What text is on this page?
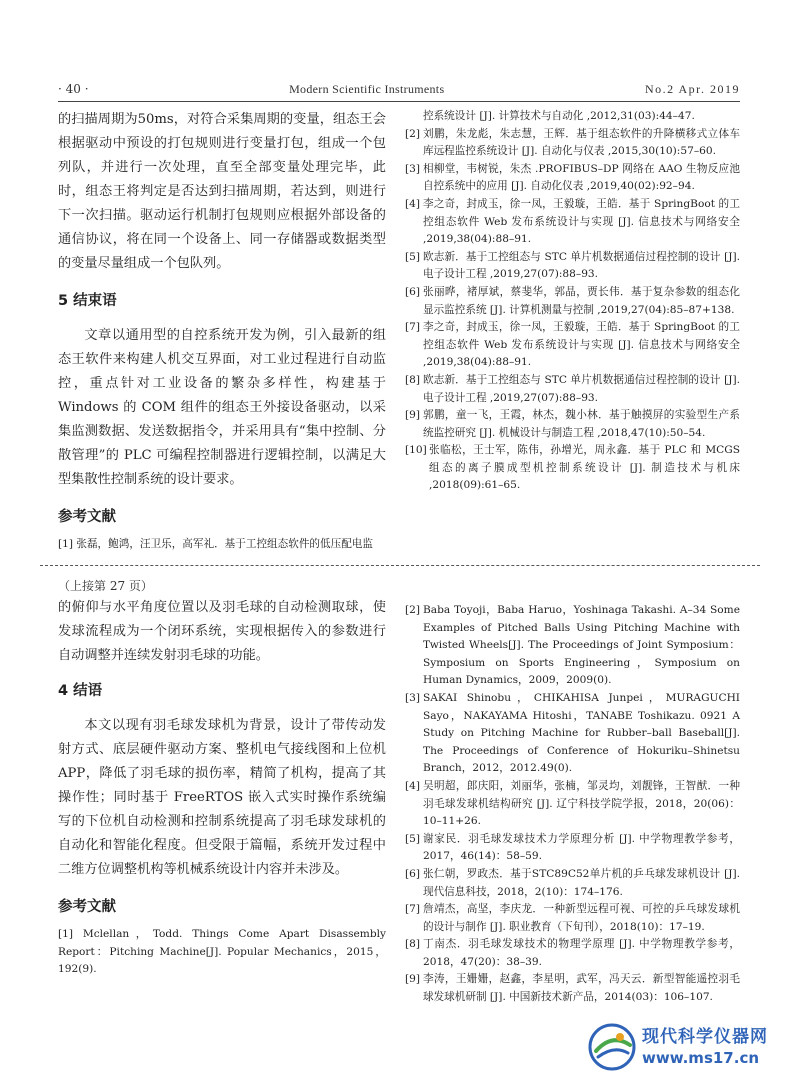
· 40 ·	Modern Scientific Instruments	No.2 Apr. 2019

的扫描周期为50ms，对符合采集周期的变量，组态王会根据驱动中预设的打包规则进行变量打包，组成一个包列队，并进行一次处理，直至全部变量处理完毕，此时，组态王将判定是否达到扫描周期，若达到，则进行下一次扫描。驱动运行机制打包规则应根据外部设备的通信协议，将在同一个设备上、同一存储器或数据类型的变量尽量组成一个包队列。

5 结束语

文章以通用型的自控系统开发为例，引入最新的组态王软件来构建人机交互界面，对工业过程进行自动监控，重点针对工业设备的繁杂多样性，构建基于 Windows 的 COM 组件的组态王外接设备驱动，以采集监测数据、发送数据指令，并采用具有“集中控制、分散管理”的 PLC 可编程控制器进行逻辑控制，以满足大型集散性控制系统的设计要求。

参考文献

[1] 张磊，鲍鸿，汪卫乐，高军礼．基于工控组态软件的低压配电监
控系统设计 [J]. 计算技术与自动化 ,2012,31(03):44–47.
[2] 刘鹏，朱龙彪，朱志慧，王辉．基于组态软件的升降横移式立体车库远程监控系统设计 [J]. 自动化与仪表 ,2015,30(10):57–60.
[3] 相柳堂，韦树锐，朱杰 .PROFIBUS–DP 网络在 AAO 生物反应池自控系统中的应用 [J]. 自动化仪表 ,2019,40(02):92–94.
[4] 李之奇，封成玉，徐一凤，王毅璇，王皓．基于 SpringBoot 的工控组态软件 Web 发布系统设计与实现 [J]. 信息技术与网络安全 ,2019,38(04):88–91.
[5] 欧志新．基于工控组态与 STC 单片机数据通信过程控制的设计 [J]. 电子设计工程 ,2019,27(07):88–93.
[6] 张丽晔，褚厚斌，蔡斐华，郭晶，贾长伟．基于复杂参数的组态化显示监控系统 [J]. 计算机测量与控制 ,2019,27(04):85–87+138.
[7] 李之奇，封成玉，徐一凤，王毅璇，王皓．基于 SpringBoot 的工控组态软件 Web 发布系统设计与实现 [J]. 信息技术与网络安全 ,2019,38(04):88–91.
[8] 欧志新．基于工控组态与 STC 单片机数据通信过程控制的设计 [J]. 电子设计工程 ,2019,27(07):88–93.
[9] 郭鹏，童一飞，王霞，林杰，魏小林．基于触摸屏的实验型生产系统监控研究 [J]. 机械设计与制造工程 ,2018,47(10):50–54.
[10] 张临松，王士军，陈伟，孙增光，周永鑫．基于 PLC 和 MCGS 组态的离子膜成型机控制系统设计 [J]. 制造技术与机床 ,2018(09):61–65.

（上接第 27 页）

的俯仰与水平角度位置以及羽毛球的自动检测取球，使发球流程成为一个闭环系统，实现根据传入的参数进行自动调整并连续发射羽毛球的功能。

4 结语

本文以现有羽毛球发球机为背景，设计了带传动发射方式、底层硬件驱动方案、整机电气接线图和上位机 APP，降低了羽毛球的损伤率，精简了机构，提高了其操作性；同时基于 FreeRTOS 嵌入式实时操作系统编写的下位机自动检测和控制系统提高了羽毛球发球机的自动化和智能化程度。但受限于篇幅，系统开发过程中二维方位调整机构等机械系统设计内容并未涉及。

参考文献

[1] Mclellan，Todd. Things Come Apart Disassembly Report：Pitching Machine[J]. Popular Mechanics，2015，192(9).
[2] Baba Toyoji，Baba Haruo，Yoshinaga Takashi. A–34 Some Examples of Pitched Balls Using Pitching Machine with Twisted Wheels[J]. The Proceedings of Joint Symposium：Symposium on Sports Engineering，Symposium on Human Dynamics，2009，2009(0).
[3] SAKAI Shinobu，CHIKAHISA Junpei，MURAGUCHI Sayo，NAKAYAMA Hitoshi，TANABE Toshikazu. 0921 A Study on Pitching Machine for Rubber–ball Baseball[J]. The Proceedings of Conference of Hokuriku–Shinetsu Branch，2012，2012.49(0).
[4] 吴明超，郎庆阳，刘丽华，张楠，邹灵均，刘靓锋，王智猷．一种羽毛球发球机结构研究 [J]. 辽宁科技学院学报，2018，20(06)：10–11+26.
[5] 谢家民．羽毛球发球技术力学原理分析 [J]. 中学物理教学参考，2017，46(14)：58–59.
[6] 张仁朝，罗政杰．基于STC89C52单片机的乒乓球发球机设计 [J]. 现代信息科技，2018，2(10)：174–176.
[7] 詹靖杰，高坚，李庆龙．一种新型远程可视、可控的乒乓球发球机的设计与制作 [J]. 职业教育（下旬刊），2018(10)：17–19.
[8] 丁南杰．羽毛球发球技术的物理学原理 [J]. 中学物理教学参考，2018，47(20)：38–39.
[9] 李涛，王姗姗，赵鑫，李星明，武军，冯天云．新型智能遥控羽毛球发球机研制 [J]. 中国新技术新产品，2014(03)：106–107.
现代科学仪器网
www.ms17.cn
